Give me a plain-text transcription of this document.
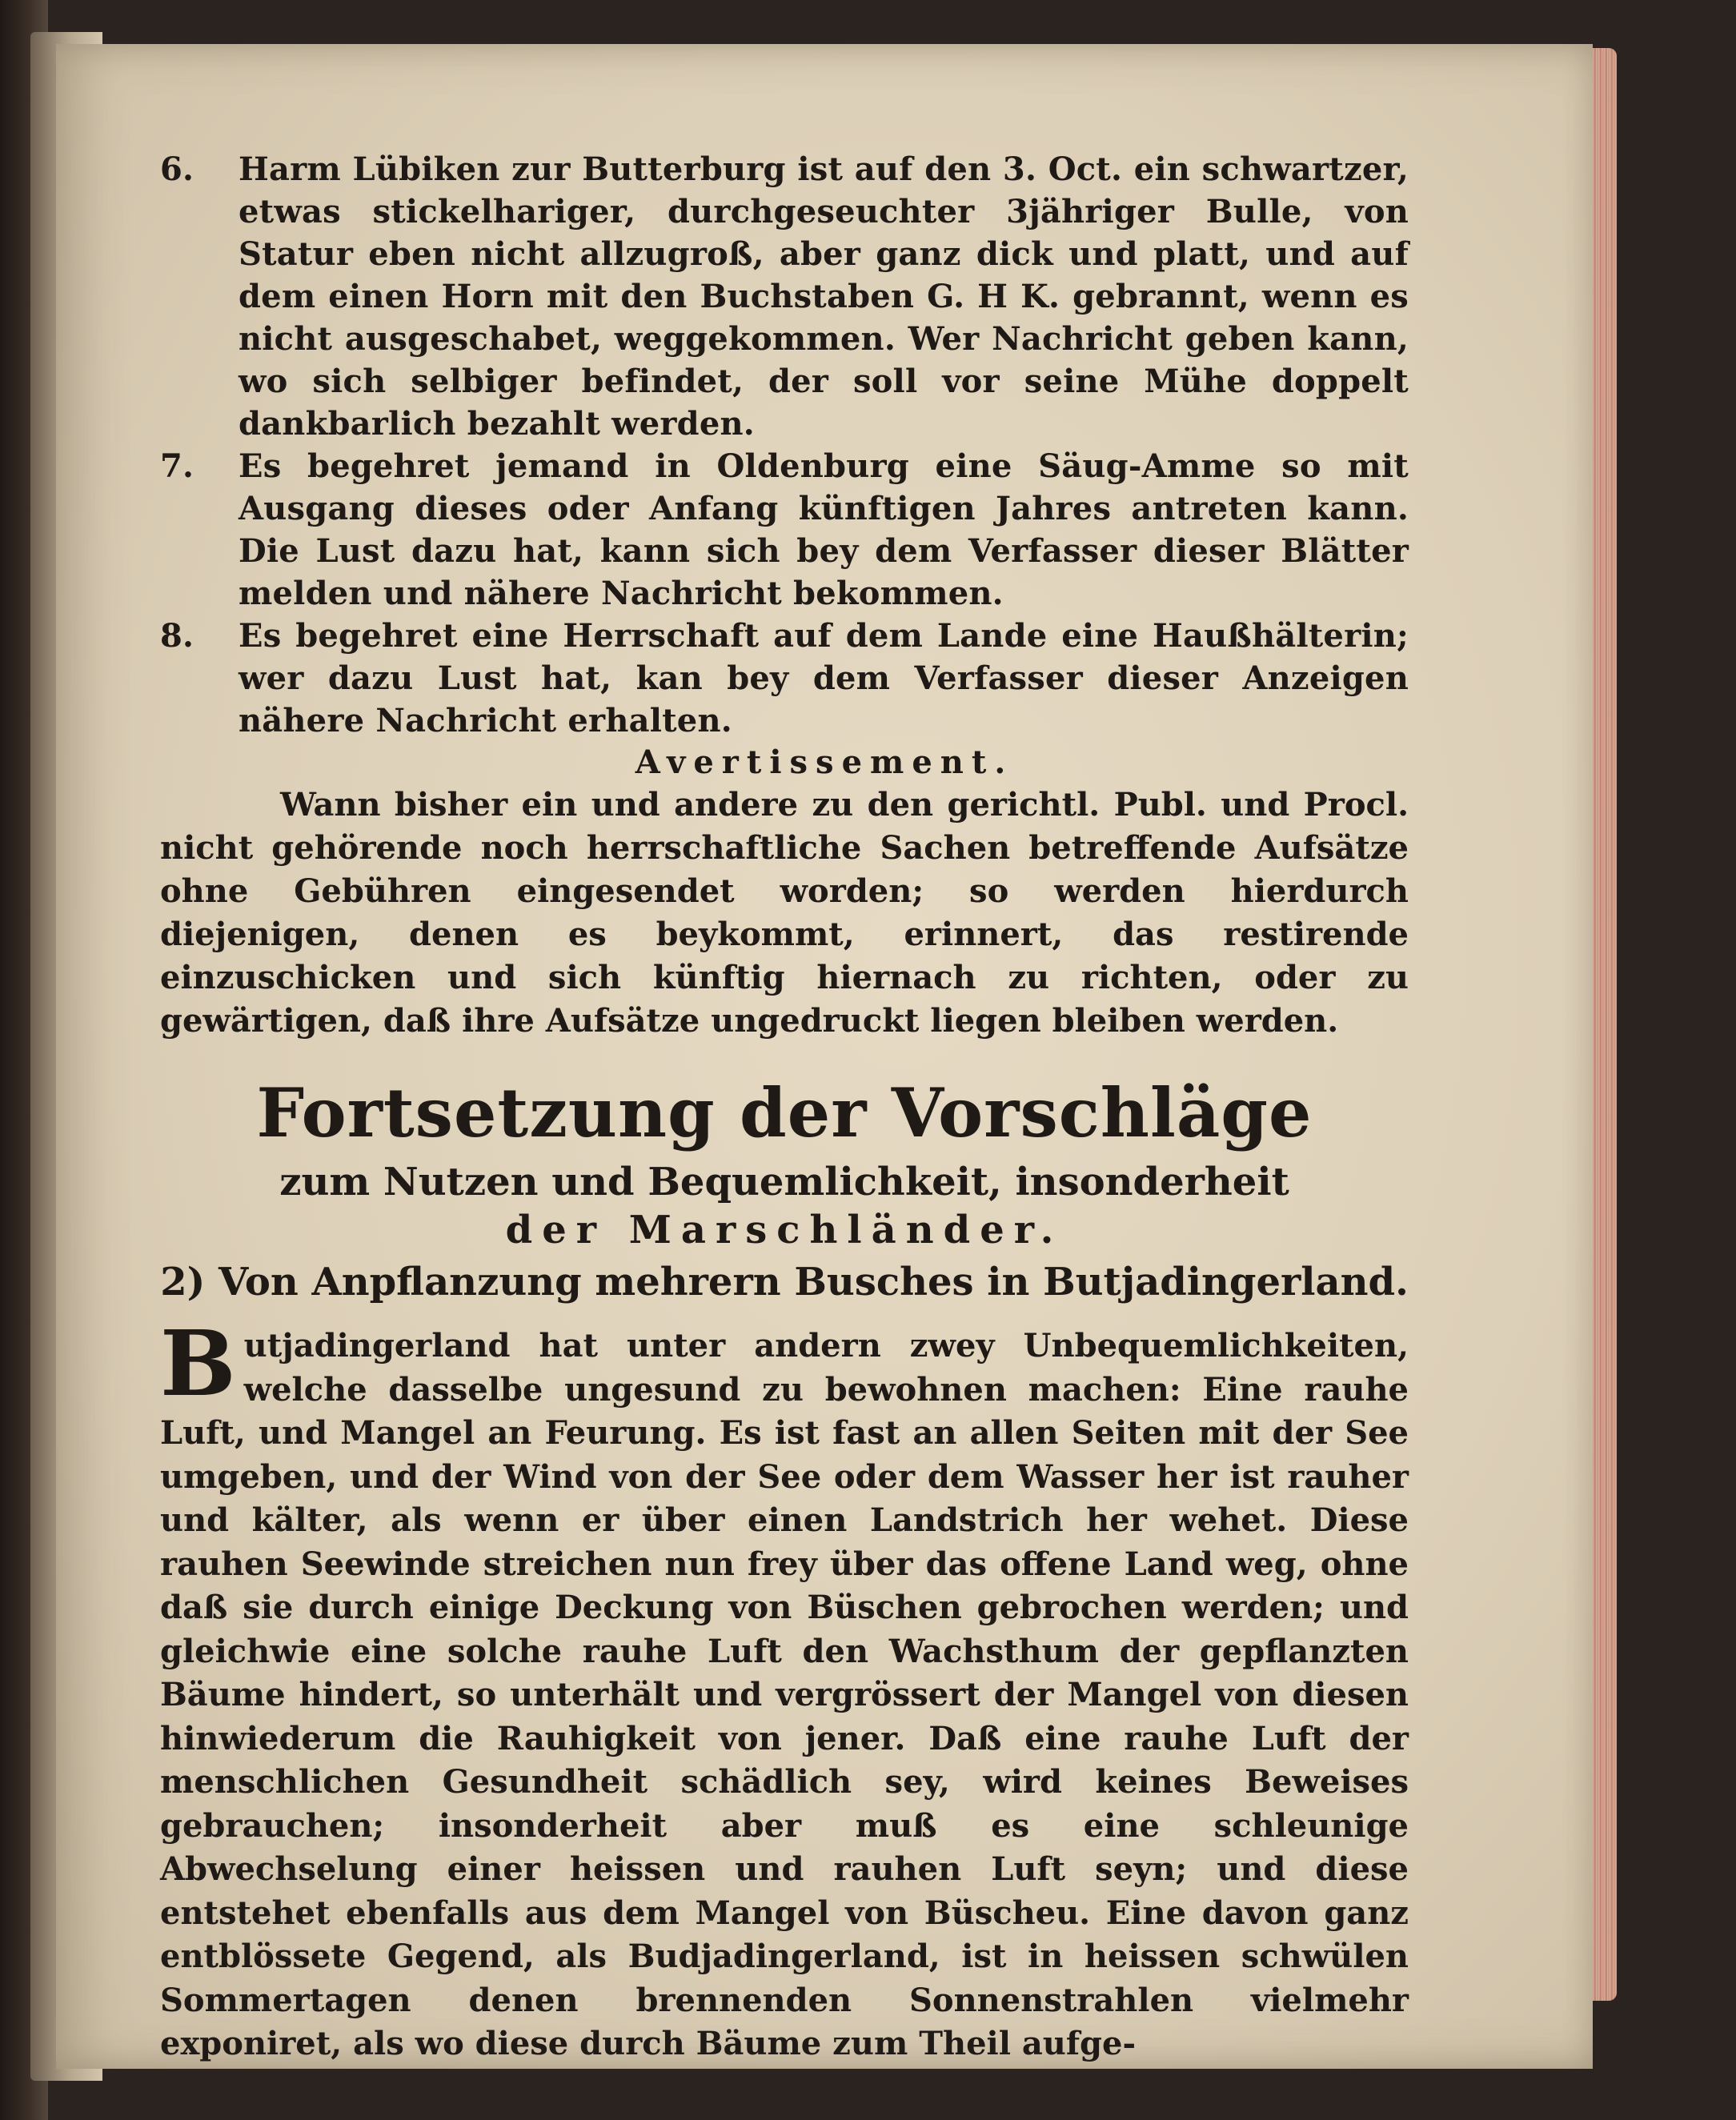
6.	Harm Lübiken zur Butterburg ist auf den 3. Oct. ein schwartzer, etwas stickelhariger, durchgeseuchter 3jähriger Bulle, von Statur eben nicht allzugroß, aber ganz dick und platt, und auf dem einen Horn mit den Buchstaben G. H K. gebrannt, wenn es nicht ausgeschabet, weggekommen. Wer Nachricht geben kann, wo sich selbiger befindet, der soll vor seine Mühe doppelt dankbarlich bezahlt werden.
7.	Es begehret jemand in Oldenburg eine Säug-Amme so mit Ausgang dieses oder Anfang künftigen Jahres antreten kann. Die Lust dazu hat, kann sich bey dem Verfasser dieser Blätter melden und nähere Nachricht bekommen.
8.	Es begehret eine Herrschaft auf dem Lande eine Haußhälterin; wer dazu Lust hat, kan bey dem Verfasser dieser Anzeigen nähere Nachricht erhalten.

Avertissement.

Wann bisher ein und andere zu den gerichtl. Publ. und Procl. nicht gehörende noch herrschaftliche Sachen betreffende Aufsätze ohne Gebühren eingesendet worden; so werden hierdurch diejenigen, denen es beykommt, erinnert, das restirende einzuschicken und sich künftig hiernach zu richten, oder zu gewärtigen, daß ihre Aufsätze ungedruckt liegen bleiben werden.

Fortsetzung der Vorschläge

zum Nutzen und Bequemlichkeit, insonderheit

der Marschländer.

2) Von Anpflanzung mehrern Busches in Butjadingerland.

Butjadingerland hat unter andern zwey Unbequemlichkeiten, welche dasselbe ungesund zu bewohnen machen: Eine rauhe Luft, und Mangel an Feurung. Es ist fast an allen Seiten mit der See umgeben, und der Wind von der See oder dem Wasser her ist rauher und kälter, als wenn er über einen Landstrich her wehet. Diese rauhen Seewinde streichen nun frey über das offene Land weg, ohne daß sie durch einige Deckung von Büschen gebrochen werden; und gleichwie eine solche rauhe Luft den Wachsthum der gepflanzten Bäume hindert, so unterhält und vergrössert der Mangel von diesen hinwiederum die Rauhigkeit von jener. Daß eine rauhe Luft der menschlichen Gesundheit schädlich sey, wird keines Beweises gebrauchen; insonderheit aber muß es eine schleunige Abwechselung einer heissen und rauhen Luft seyn; und diese entstehet ebenfalls aus dem Mangel von Büscheu. Eine davon ganz entblössete Gegend, als Budjadingerland, ist in heissen schwülen Sommertagen denen brennenden Sonnenstrahlen vielmehr exponiret, als wo diese durch Bäume zum Theil aufge-
